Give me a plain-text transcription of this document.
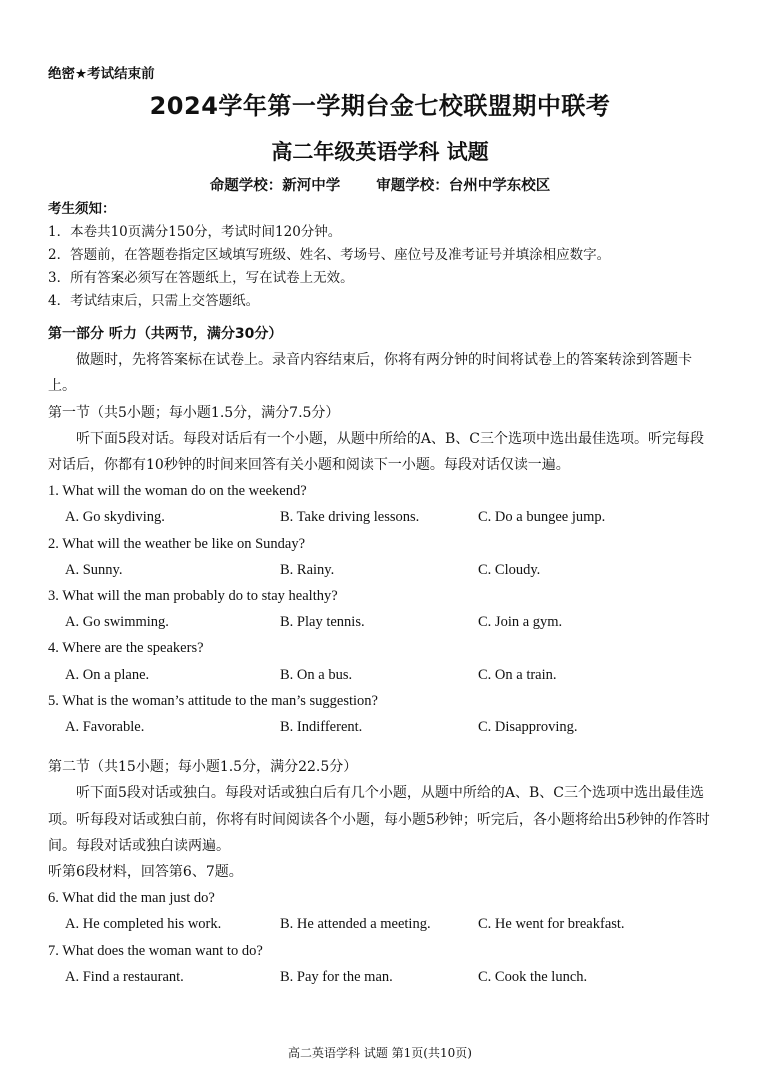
绝密★考试结束前
2024学年第一学期台金七校联盟期中联考
高二年级英语学科 试题
命题学校：新河中学 审题学校：台州中学东校区
考生须知：
1．本卷共10页满分150分，考试时间120分钟。
2．答题前，在答题卷指定区域填写班级、姓名、考场号、座位号及准考证号并填涂相应数字。
3．所有答案必须写在答题纸上，写在试卷上无效。
4．考试结束后，只需上交答题纸。
第一部分 听力（共两节，满分30分）
做题时，先将答案标在试卷上。录音内容结束后，你将有两分钟的时间将试卷上的答案转涂到答题卡上。
第一节（共5小题；每小题1.5分，满分7.5分）
听下面5段对话。每段对话后有一个小题，从题中所给的A、B、C三个选项中选出最佳选项。听完每段对话后，你都有10秒钟的时间来回答有关小题和阅读下一小题。每段对话仅读一遍。
1. What will the woman do on the weekend?
A. Go skydiving.	B. Take driving lessons.	C. Do a bungee jump.
2. What will the weather be like on Sunday?
A. Sunny.	B. Rainy.	C. Cloudy.
3. What will the man probably do to stay healthy?
A. Go swimming.	B. Play tennis.	C. Join a gym.
4. Where are the speakers?
A. On a plane.	B. On a bus.	C. On a train.
5. What is the woman’s attitude to the man’s suggestion?
A. Favorable.	B. Indifferent.	C. Disapproving.
第二节（共15小题；每小题1.5分，满分22.5分）
听下面5段对话或独白。每段对话或独白后有几个小题，从题中所给的A、B、C三个选项中选出最佳选项。听每段对话或独白前，你将有时间阅读各个小题，每小题5秒钟；听完后，各小题将给出5秒钟的作答时间。每段对话或独白读两遍。
听第6段材料，回答第6、7题。
6. What did the man just do?
A. He completed his work.	B. He attended a meeting.	C. He went for breakfast.
7. What does the woman want to do?
A. Find a restaurant.	B. Pay for the man.	C. Cook the lunch.
高二英语学科 试题 第1页(共10页)
